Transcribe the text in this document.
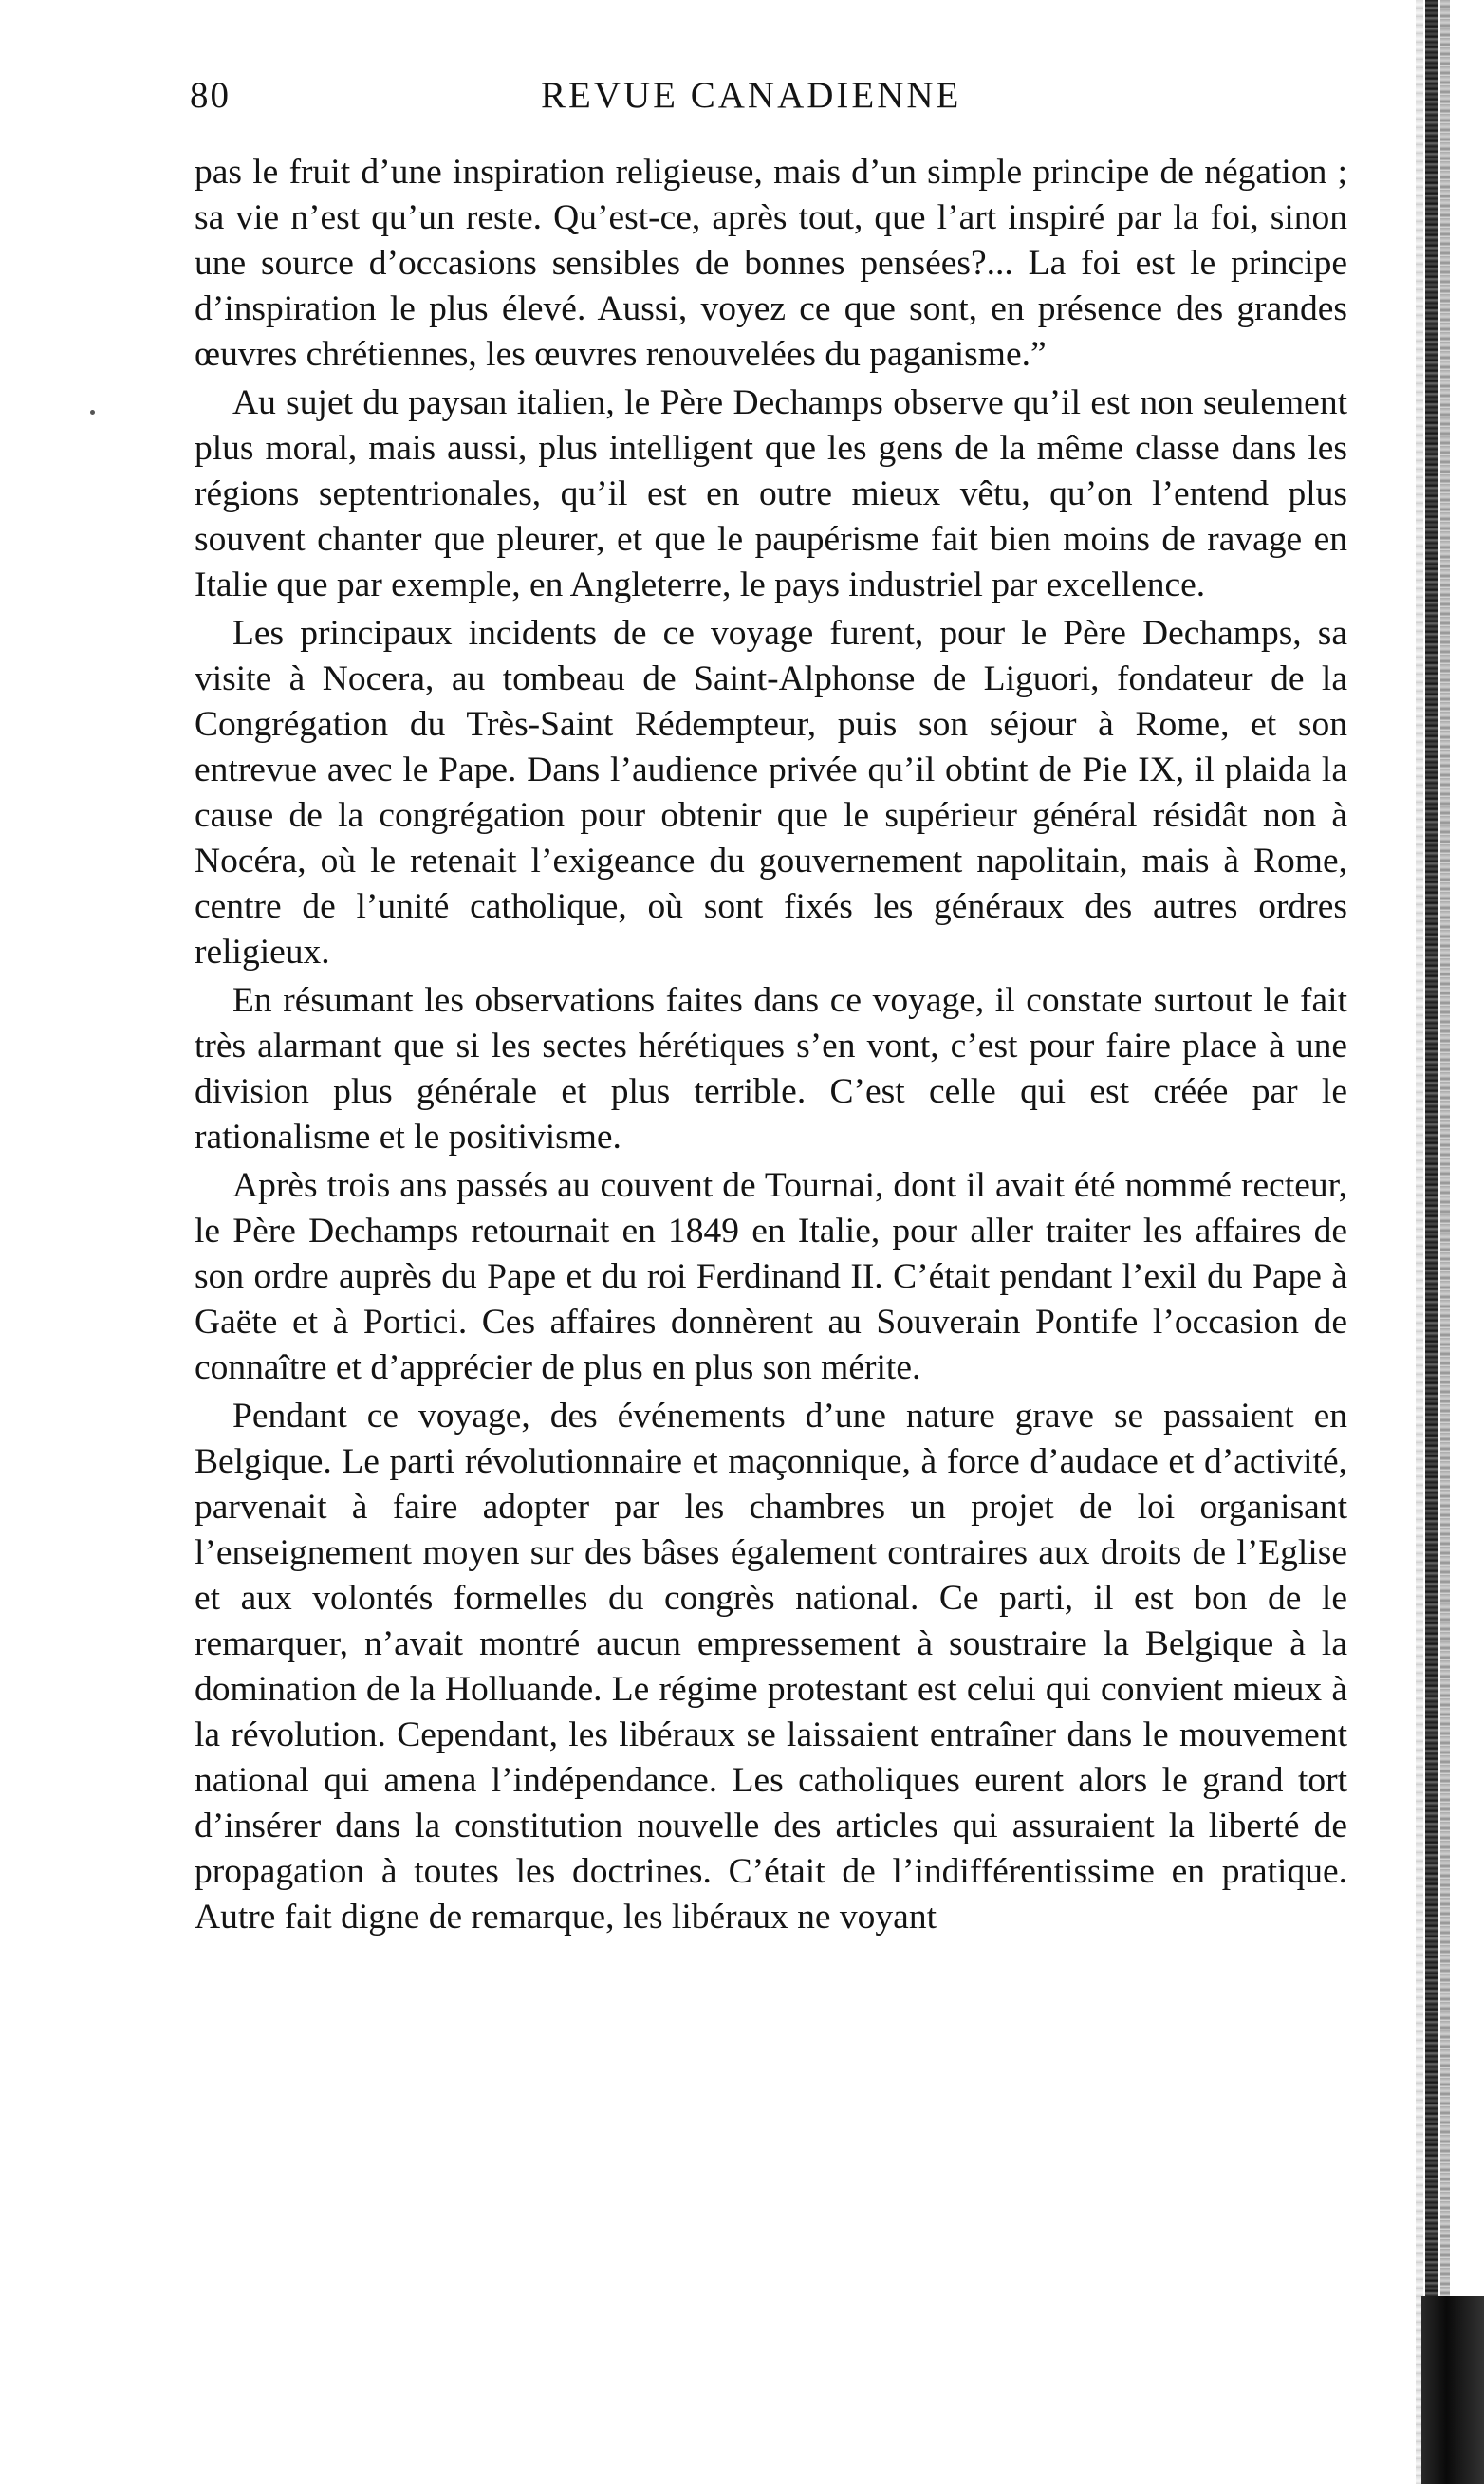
80	REVUE CANADIENNE

pas le fruit d’une inspiration religieuse, mais d’un simple principe de négation ; sa vie n’est qu’un reste. Qu’est-ce, après tout, que l’art inspiré par la foi, sinon une source d’occasions sensibles de bonnes pensées?... La foi est le principe d’inspiration le plus élevé. Aussi, voyez ce que sont, en présence des grandes œuvres chrétiennes, les œuvres renouvelées du paganisme.”

Au sujet du paysan italien, le Père Dechamps observe qu’il est non seulement plus moral, mais aussi, plus intelligent que les gens de la même classe dans les régions septentrionales, qu’il est en outre mieux vêtu, qu’on l’entend plus souvent chanter que pleurer, et que le paupérisme fait bien moins de ravage en Italie que par exemple, en Angleterre, le pays industriel par excellence.

Les principaux incidents de ce voyage furent, pour le Père Dechamps, sa visite à Nocera, au tombeau de Saint-Alphonse de Liguori, fondateur de la Congrégation du Très-Saint Rédempteur, puis son séjour à Rome, et son entrevue avec le Pape. Dans l’audience privée qu’il obtint de Pie IX, il plaida la cause de la congrégation pour obtenir que le supérieur général résidât non à Nocéra, où le retenait l’exigeance du gouvernement napolitain, mais à Rome, centre de l’unité catholique, où sont fixés les généraux des autres ordres religieux.

En résumant les observations faites dans ce voyage, il constate surtout le fait très alarmant que si les sectes hérétiques s’en vont, c’est pour faire place à une division plus générale et plus terrible. C’est celle qui est créée par le rationalisme et le positivisme.

Après trois ans passés au couvent de Tournai, dont il avait été nommé recteur, le Père Dechamps retournait en 1849 en Italie, pour aller traiter les affaires de son ordre auprès du Pape et du roi Ferdinand II. C’était pendant l’exil du Pape à Gaëte et à Portici. Ces affaires donnèrent au Souverain Pontife l’occasion de connaître et d’apprécier de plus en plus son mérite.

Pendant ce voyage, des événements d’une nature grave se passaient en Belgique. Le parti révolutionnaire et maçonnique, à force d’audace et d’activité, parvenait à faire adopter par les chambres un projet de loi organisant l’enseignement moyen sur des bâses également contraires aux droits de l’Eglise et aux volontés formelles du congrès national. Ce parti, il est bon de le remarquer, n’avait montré aucun empressement à soustraire la Belgique à la domination de la Holluande. Le régime protestant est celui qui convient mieux à la révolution. Cependant, les libéraux se laissaient entraîner dans le mouvement national qui amena l’indépendance. Les catholiques eurent alors le grand tort d’insérer dans la constitution nouvelle des articles qui assuraient la liberté de propagation à toutes les doctrines. C’était de l’indifférentissime en pratique. Autre fait digne de remarque, les libéraux ne voyant
